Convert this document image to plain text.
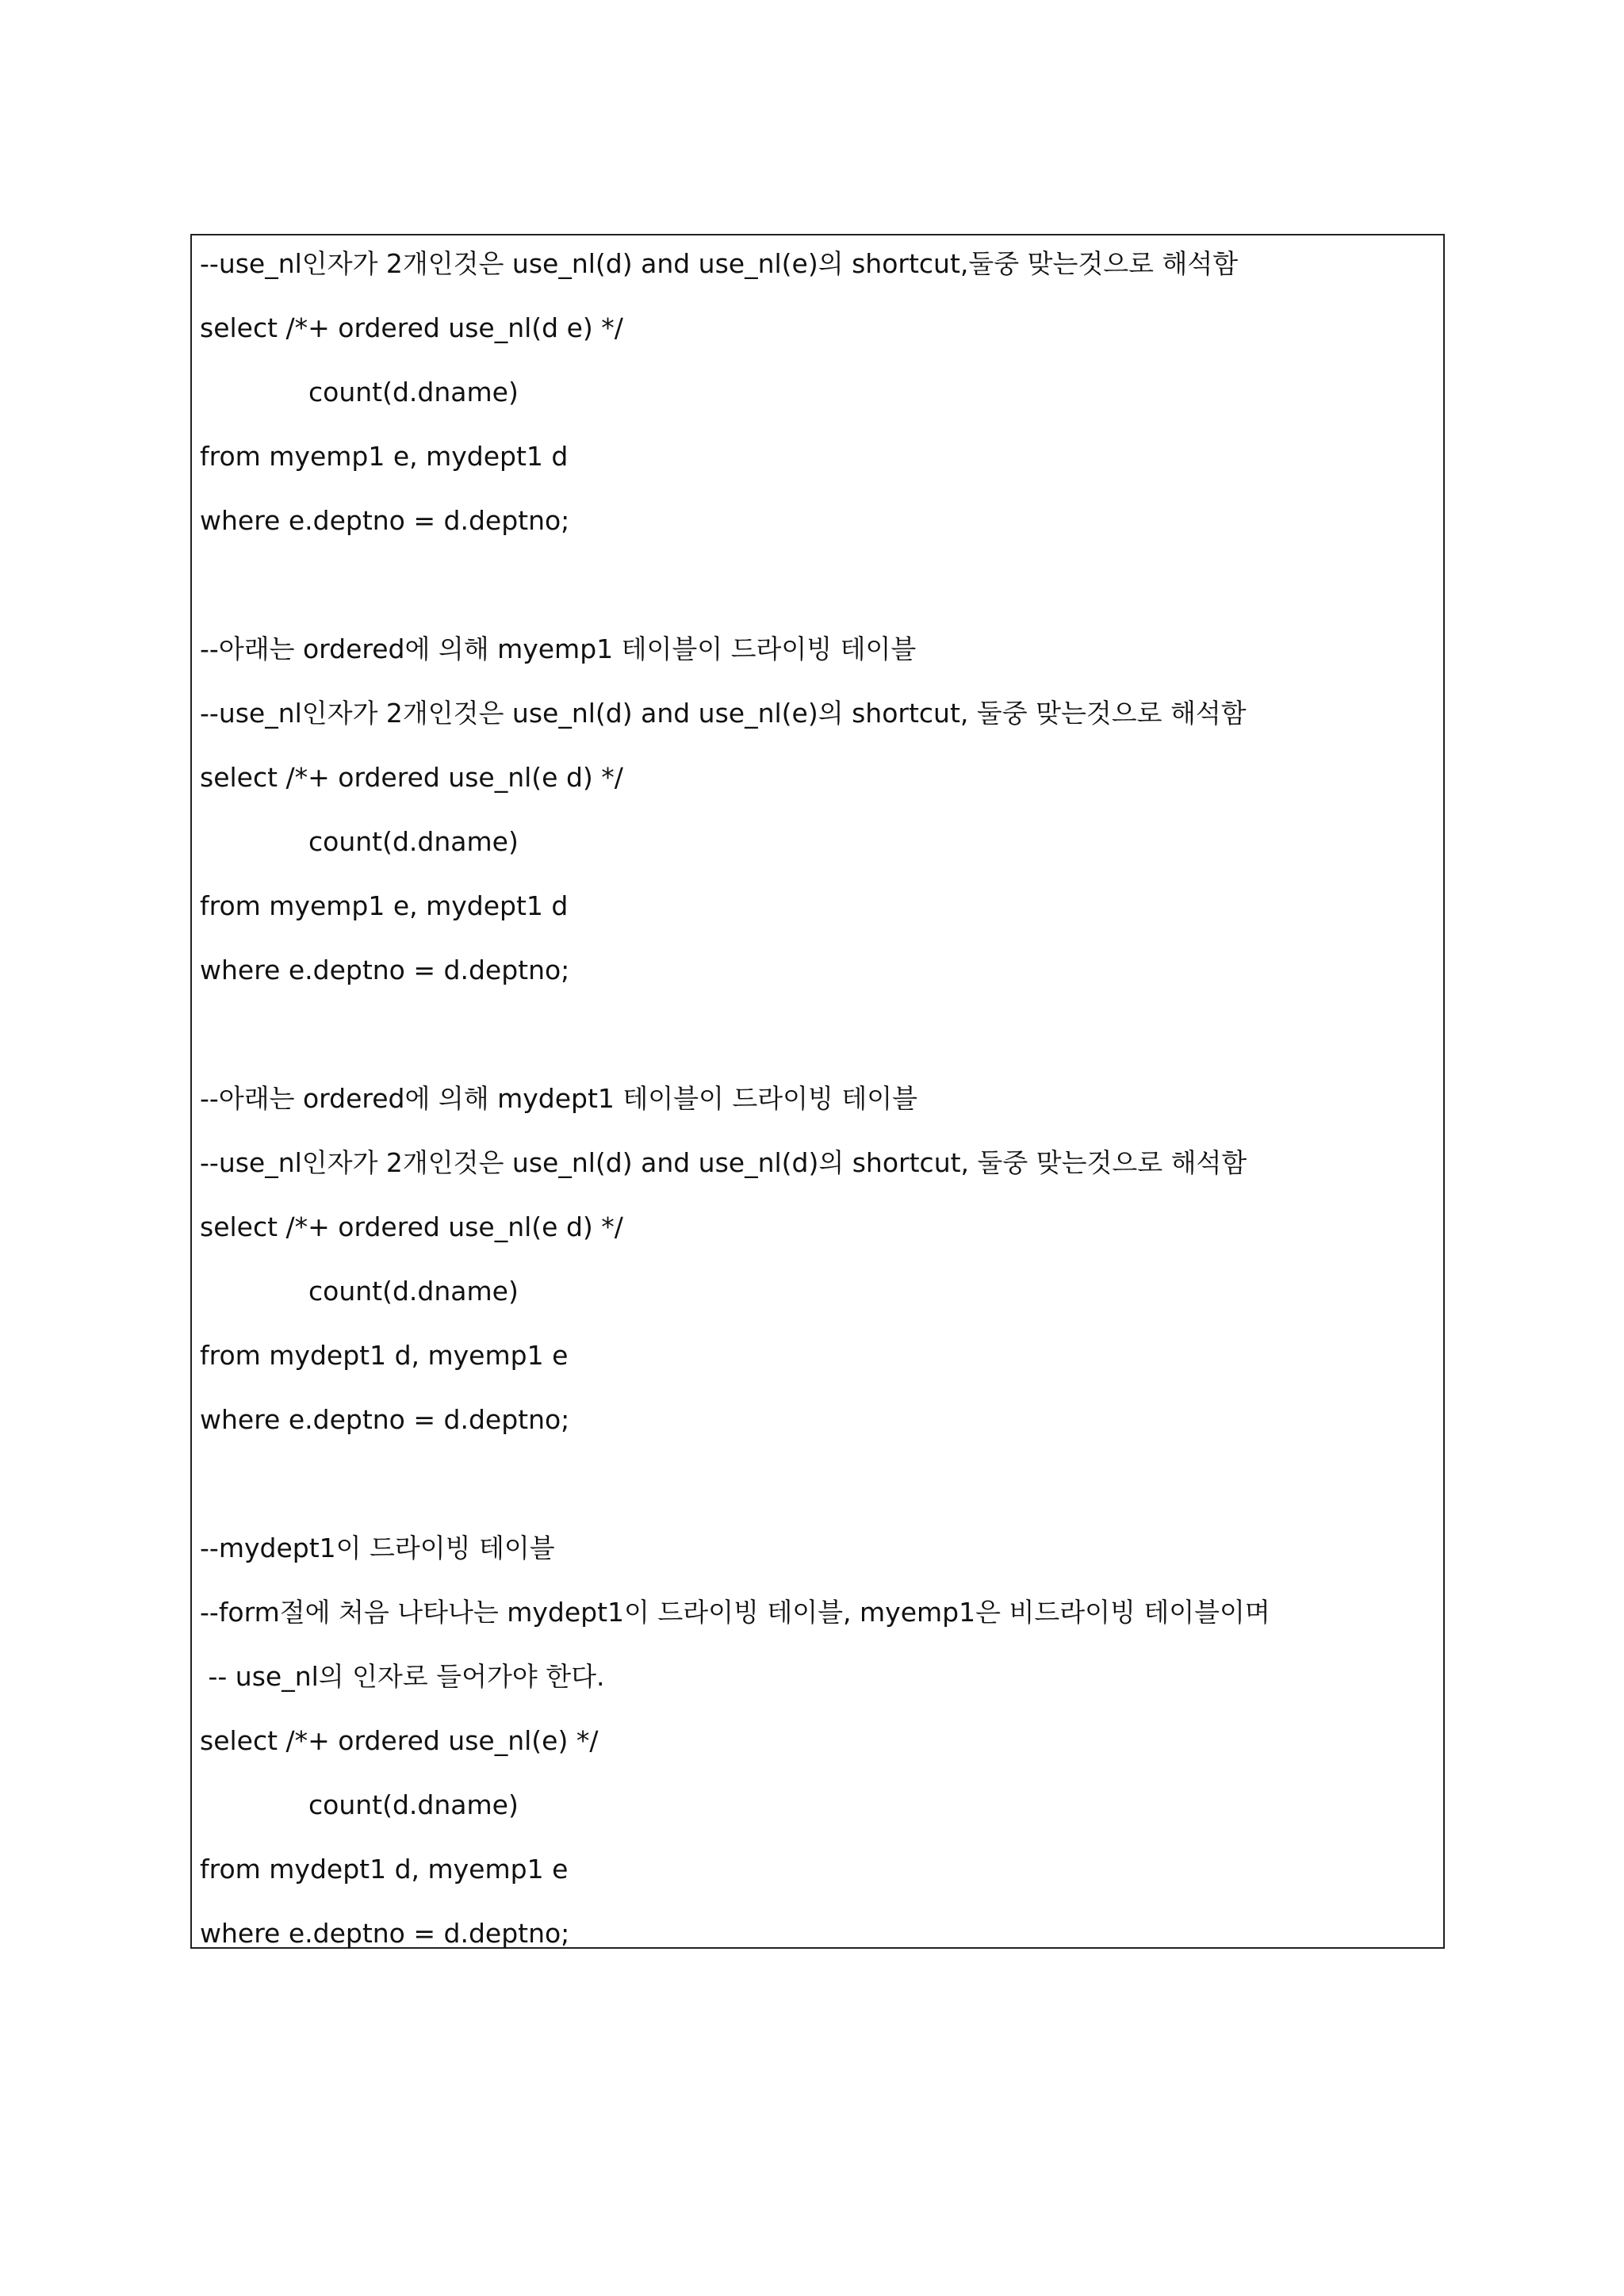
--use_nl인자가 2개인것은 use_nl(d) and use_nl(e)의 shortcut,둘중 맞는것으로 해석함
select /*+ ordered use_nl(d e) */
count(d.dname)
from myemp1 e, mydept1 d
where e.deptno = d.deptno;
--아래는 ordered에 의해 myemp1 테이블이 드라이빙 테이블
--use_nl인자가 2개인것은 use_nl(d) and use_nl(e)의 shortcut, 둘중 맞는것으로 해석함
select /*+ ordered use_nl(e d) */
count(d.dname)
from myemp1 e, mydept1 d
where e.deptno = d.deptno;
--아래는 ordered에 의해 mydept1 테이블이 드라이빙 테이블
--use_nl인자가 2개인것은 use_nl(d) and use_nl(d)의 shortcut, 둘중 맞는것으로 해석함
select /*+ ordered use_nl(e d) */
count(d.dname)
from mydept1 d, myemp1 e
where e.deptno = d.deptno;
--mydept1이 드라이빙 테이블
--form절에 처음 나타나는 mydept1이 드라이빙 테이블, myemp1은 비드라이빙 테이블이며
-- use_nl의 인자로 들어가야 한다.
select /*+ ordered use_nl(e) */
count(d.dname)
from mydept1 d, myemp1 e
where e.deptno = d.deptno;
